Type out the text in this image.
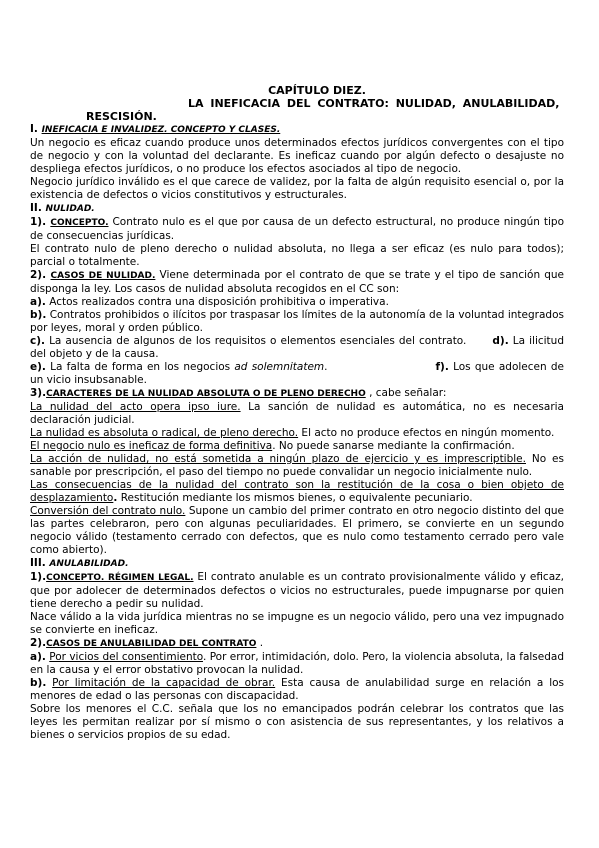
CAPÍTULO DIEZ.
LA INEFICACIA DEL CONTRATO: NULIDAD, ANULABILIDAD,
RESCISIÓN.

I. INEFICACIA E INVALIDEZ. CONCEPTO Y CLASES.

Un negocio es eficaz cuando produce unos determinados efectos jurídicos convergentes con el tipo de negocio y con la voluntad del declarante. Es ineficaz cuando por algún defecto o desajuste no despliega efectos jurídicos, o no produce los efectos asociados al tipo de negocio.

Negocio jurídico inválido es el que carece de validez, por la falta de algún requisito esencial o, por la existencia de defectos o vicios constitutivos y estructurales.

II. NULIDAD.

1). CONCEPTO. Contrato nulo es el que por causa de un defecto estructural, no produce ningún tipo de consecuencias jurídicas.

El contrato nulo de pleno derecho o nulidad absoluta, no llega a ser eficaz (es nulo para todos); parcial o totalmente.

2). CASOS DE NULIDAD. Viene determinada por el contrato de que se trate y el tipo de sanción que disponga la ley. Los casos de nulidad absoluta recogidos en el CC son:

a). Actos realizados contra una disposición prohibitiva o imperativa.

b). Contratos prohibidos o ilícitos por traspasar los límites de la autonomía de la voluntad integrados por leyes, moral y orden público.

c). La ausencia de algunos de los requisitos o elementos esenciales del contrato. d). La ilicitud del objeto y de la causa.

e). La falta de forma en los negocios ad solemnitatem.	f). Los que adolecen de un vicio insubsanable.

3).CARACTERES DE LA NULIDAD ABSOLUTA O DE PLENO DERECHO , cabe señalar:

La nulidad del acto opera ipso iure. La sanción de nulidad es automática, no es necesaria declaración judicial.

La nulidad es absoluta o radical, de pleno derecho. El acto no produce efectos en ningún momento.

El negocio nulo es ineficaz de forma definitiva. No puede sanarse mediante la confirmación.

La acción de nulidad, no está sometida a ningún plazo de ejercicio y es imprescriptible. No es sanable por prescripción, el paso del tiempo no puede convalidar un negocio inicialmente nulo.

Las consecuencias de la nulidad del contrato son la restitución de la cosa o bien objeto de desplazamiento. Restitución mediante los mismos bienes, o equivalente pecuniario.

Conversión del contrato nulo. Supone un cambio del primer contrato en otro negocio distinto del que las partes celebraron, pero con algunas peculiaridades. El primero, se convierte en un segundo negocio válido (testamento cerrado con defectos, que es nulo como testamento cerrado pero vale como abierto).

III. ANULABILIDAD.

1).CONCEPTO. RÉGIMEN LEGAL. El contrato anulable es un contrato provisionalmente válido y eficaz, que por adolecer de determinados defectos o vicios no estructurales, puede impugnarse por quien tiene derecho a pedir su nulidad.

Nace válido a la vida jurídica mientras no se impugne es un negocio válido, pero una vez impugnado se convierte en ineficaz.

2).CASOS DE ANULABILIDAD DEL CONTRATO .

a). Por vicios del consentimiento. Por error, intimidación, dolo. Pero, la violencia absoluta, la falsedad en la causa y el error obstativo provocan la nulidad.

b). Por limitación de la capacidad de obrar. Esta causa de anulabilidad surge en relación a los menores de edad o las personas con discapacidad.

Sobre los menores el C.C. señala que los no emancipados podrán celebrar los contratos que las leyes les permitan realizar por sí mismo o con asistencia de sus representantes, y los relativos a bienes o servicios propios de su edad.
